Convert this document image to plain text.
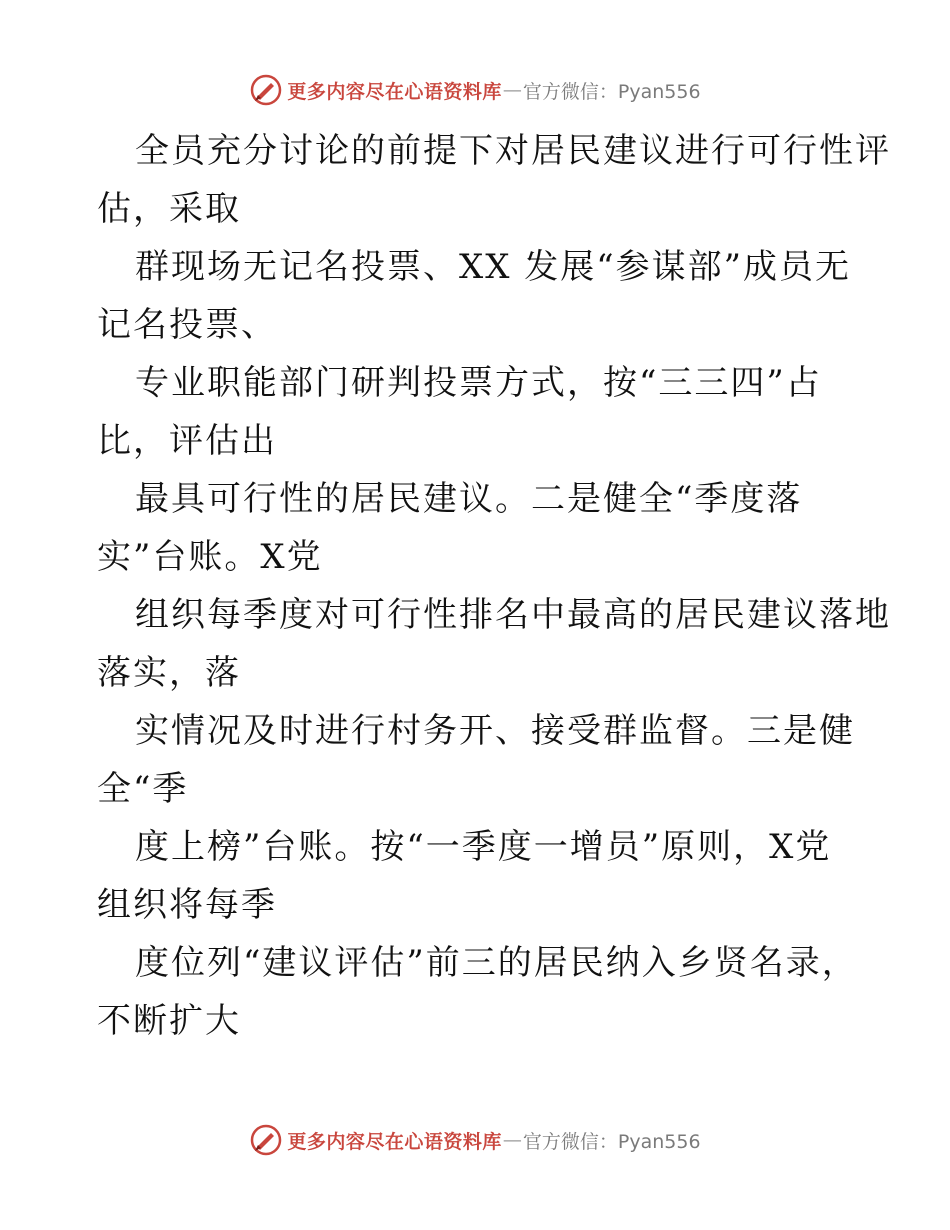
更多内容尽在心语资料库 — 官方微信：Pyan556

全员充分讨论的前提下对居民建议进行可行性评
估，采取

群现场无记名投票、XX 发展“参谋部”成员无
记名投票、

专业职能部门研判投票方式，按“三三四”占
比，评估出

最具可行性的居民建议。二是健全“季度落
实”台账。X党

组织每季度对可行性排名中最高的居民建议落地
落实，落

实情况及时进行村务开、接受群监督。三是健
全“季

度上榜”台账。按“一季度一增员”原则，X党
组织将每季

度位列“建议评估”前三的居民纳入乡贤名录，
不断扩大

更多内容尽在心语资料库 — 官方微信：Pyan556
